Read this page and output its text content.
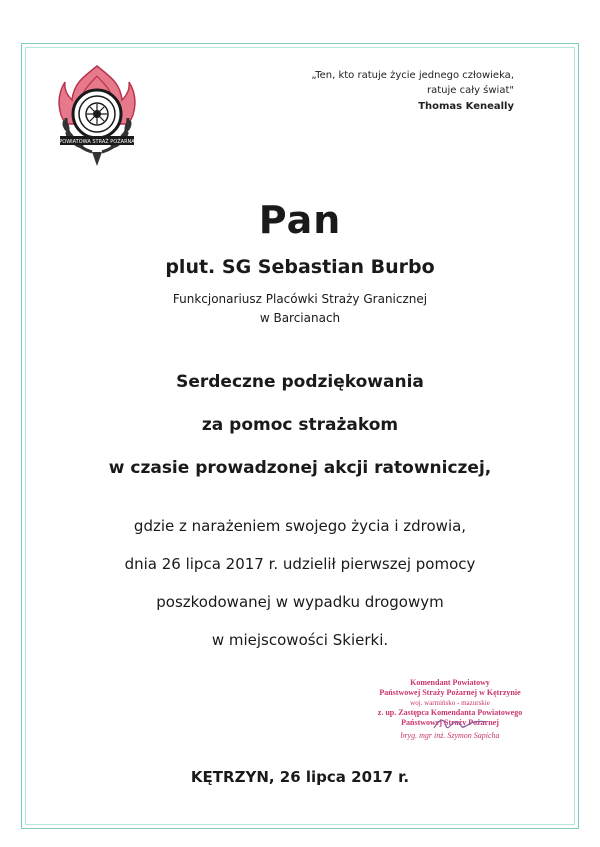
POWIATOWA STRAŻ POŻARNA
„Ten, kto ratuje życie jednego człowieka,
ratuje cały świat"
Thomas Keneally
Pan
plut. SG Sebastian Burbo
Funkcjonariusz Placówki Straży Granicznej
w Barcianach
Serdeczne podziękowania
za pomoc strażakom
w czasie prowadzonej akcji ratowniczej,
gdzie z narażeniem swojego życia i zdrowia,
dnia 26 lipca 2017 r. udzielił pierwszej pomocy
poszkodowanej w wypadku drogowym
w miejscowości Skierki.
Komendant Powiatowy
Państwowej Straży Pożarnej w Kętrzynie
woj. warmińsko - mazurskie
z. up. Zastępca Komendanta Powiatowego
Państwowej Straży Pożarnej
bryg. mgr inż. Szymon Sapicha
KĘTRZYN, 26 lipca 2017 r.
